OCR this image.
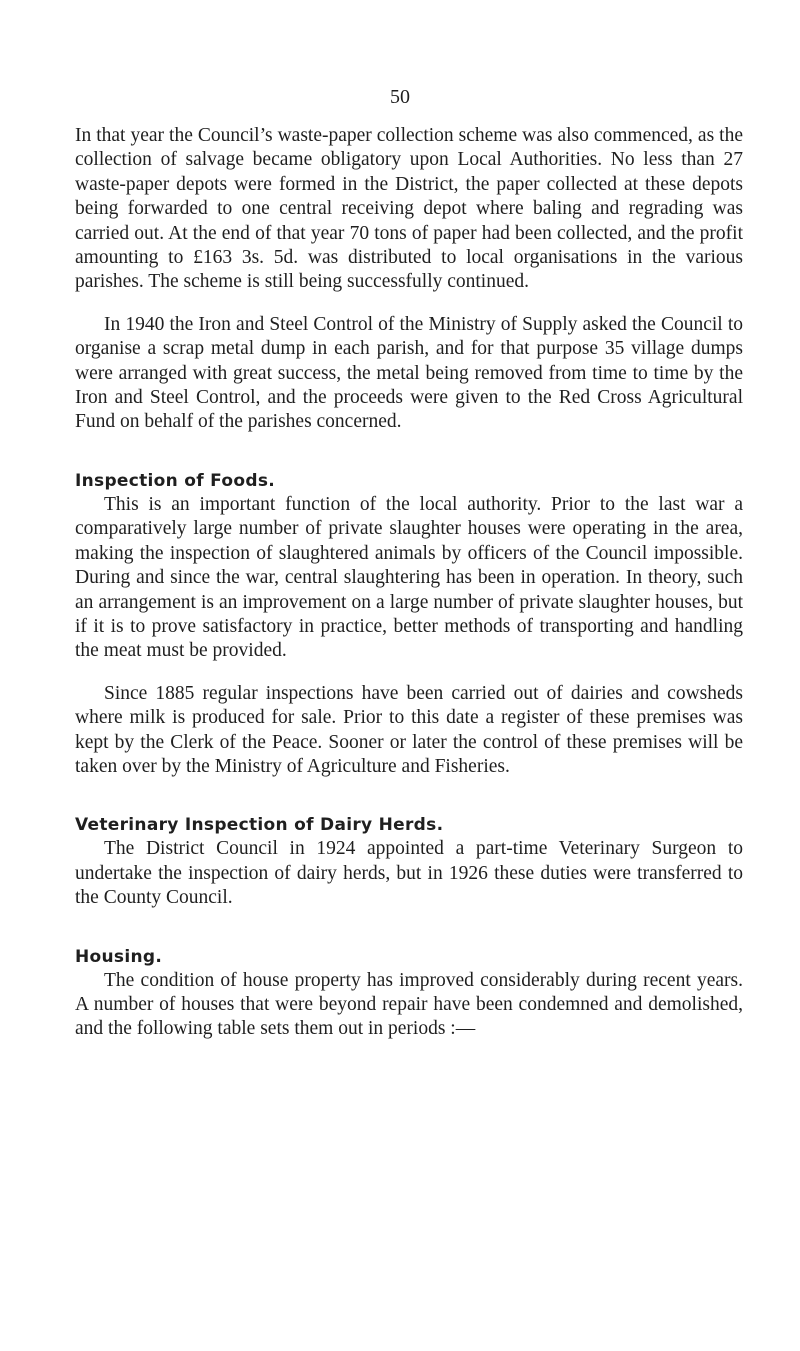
50

In that year the Council’s waste-paper collection scheme was also commenced, as the collection of salvage became obligatory upon Local Authorities. No less than 27 waste-paper depots were formed in the District, the paper collected at these depots being forwarded to one central receiving depot where baling and regrading was carried out. At the end of that year 70 tons of paper had been collected, and the profit amounting to £163 3s. 5d. was distributed to local organisations in the various parishes. The scheme is still being successfully continued.

In 1940 the Iron and Steel Control of the Ministry of Supply asked the Council to organise a scrap metal dump in each parish, and for that purpose 35 village dumps were arranged with great success, the metal being removed from time to time by the Iron and Steel Control, and the proceeds were given to the Red Cross Agricultural Fund on behalf of the parishes concerned.

Inspection of Foods.

This is an important function of the local authority. Prior to the last war a comparatively large number of private slaughter houses were operating in the area, making the inspection of slaughtered animals by officers of the Council impossible. During and since the war, central slaughtering has been in operation. In theory, such an arrangement is an improvement on a large number of private slaughter houses, but if it is to prove satisfactory in practice, better methods of transporting and handling the meat must be provided.

Since 1885 regular inspections have been carried out of dairies and cowsheds where milk is produced for sale. Prior to this date a register of these premises was kept by the Clerk of the Peace. Sooner or later the control of these premises will be taken over by the Ministry of Agriculture and Fisheries.

Veterinary Inspection of Dairy Herds.

The District Council in 1924 appointed a part-time Veterinary Surgeon to undertake the inspection of dairy herds, but in 1926 these duties were transferred to the County Council.

Housing.

The condition of house property has improved considerably during recent years. A number of houses that were beyond repair have been condemned and demolished, and the following table sets them out in periods :—
